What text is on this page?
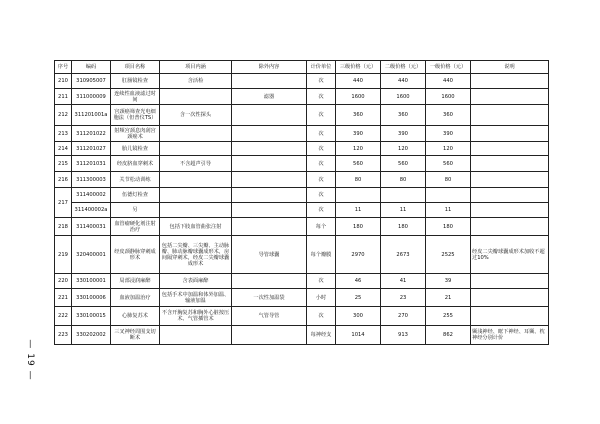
序号	编码	项目名称	项目内涵	除外内容	计价单位	三级价格（元）	二级价格（元）	一级价格（元）	说明
210	310905007	肛肠镜检查	含活检		次	440	440	440	
211	311000009	连续性血液滤过时间		滤器	次	1600	1600	1600	
212	311201001a	宫颈癌筛查光电细胞法（但普仪TS）	含一次性探头		次	360	360	360	
213	311201022	射频宫颈息肉刮宫颈癌术			次	390	390	390	
214	311201027	胎儿镜检查			次	120	120	120	
215	311201031	经皮脐血穿刺术	不含超声引导		次	560	560	560	
216	311300003	关节松动训练			次	80	80	80	
217	311400002	伍德灯检查			次				
	311400002a	另			次	11	11	11	
218	311400031	血管瘤硬化剂注射治疗	包括下肢血管曲张注射		每个	180	180	180	
219	320400001	经皮颈静脉穿刺成形术	包括二尖瓣、三尖瓣、主动脉瓣、肺动脉瓣球囊成形术，房间隔穿刺术，经皮二尖瓣球囊成形术	导管球囊	每个瓣膜	2970	2673	2525	经皮二尖瓣球囊成形术加收不超过10%
220	330100001	局部浸润麻醉	含表面麻醉		次	46	41	39	
221	330100006	血液加温治疗	包括手术中加温和体外加温、输液加温	一次性加温袋	小时	25	23	21	
222	330100015	心肺复苏术	不含开胸复苏和胸外心脏按压术、气管插管术	气管导管	次	300	270	255	
223	330202002	三叉神经周围支切断术			每神经支	1014	913	862	颞浅神经、眶下神经、耳颞、枕神经分别计价
— 19 —
